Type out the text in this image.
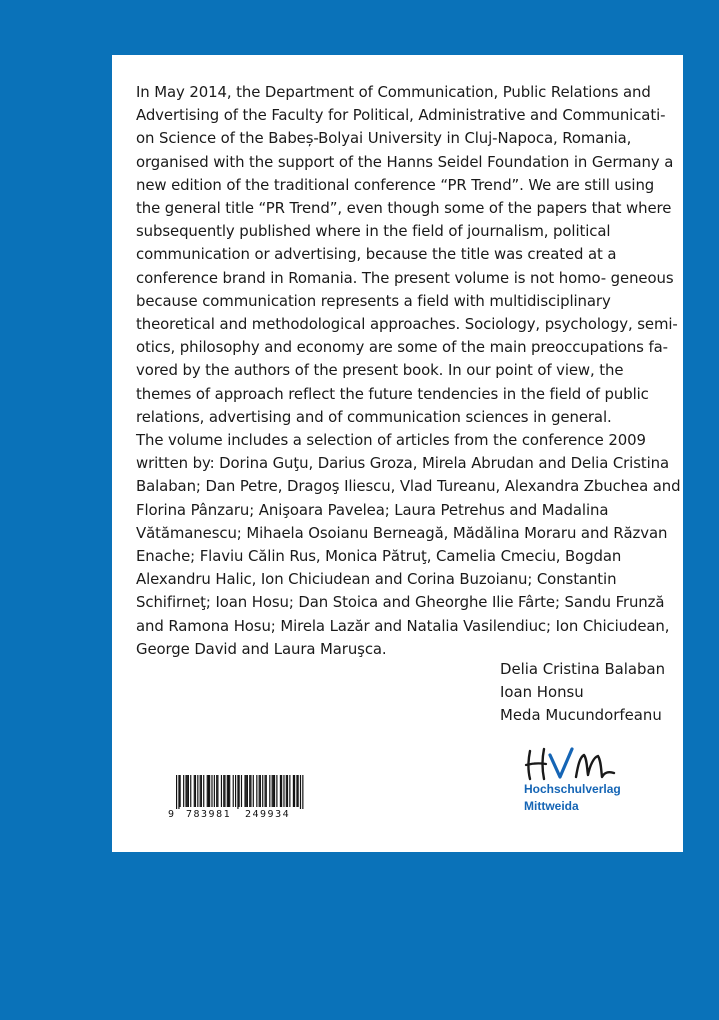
In May 2014, the Department of Communication, Public Relations and
Advertising of the Faculty for Political, Administrative and Communicati-
on Science of the Babeș-Bolyai University in Cluj-Napoca, Romania,
organised with the support of the Hanns Seidel Foundation in Germany a
new edition of the traditional conference “PR Trend”. We are still using
the general title “PR Trend”, even though some of the papers that where
subsequently published where in the field of journalism, political
communication or advertising, because the title was created at a
conference brand in Romania. The present volume is not homo- geneous
because communication represents a field with multidisciplinary
theoretical and methodological approaches. Sociology, psychology, semi-
otics, philosophy and economy are some of the main preoccupations fa-
vored by the authors of the present book. In our point of view, the
themes of approach reflect the future tendencies in the field of public
relations, advertising and of communication sciences in general.
The volume includes a selection of articles from the conference 2009
written by: Dorina Guţu, Darius Groza, Mirela Abrudan and Delia Cristina
Balaban; Dan Petre, Dragoş Iliescu, Vlad Tureanu, Alexandra Zbuchea and
Florina Pânzaru; Anişoara Pavelea; Laura Petrehus and Madalina
Vătămanescu; Mihaela Osoianu Berneagă, Mădălina Moraru and Răzvan
Enache; Flaviu Călin Rus, Monica Pătruţ, Camelia Cmeciu, Bogdan
Alexandru Halic, Ion Chiciudean and Corina Buzoianu; Constantin
Schifirneţ; Ioan Hosu; Dan Stoica and Gheorghe Ilie Fârte; Sandu Frunză
and Ramona Hosu; Mirela Lazăr and Natalia Vasilendiuc; Ion Chiciudean,
George David and Laura Maruşca.

Delia Cristina Balaban
Ioan Honsu
Meda Mucundorfeanu
9 783981 249934
Hochschulverlag
Mittweida
